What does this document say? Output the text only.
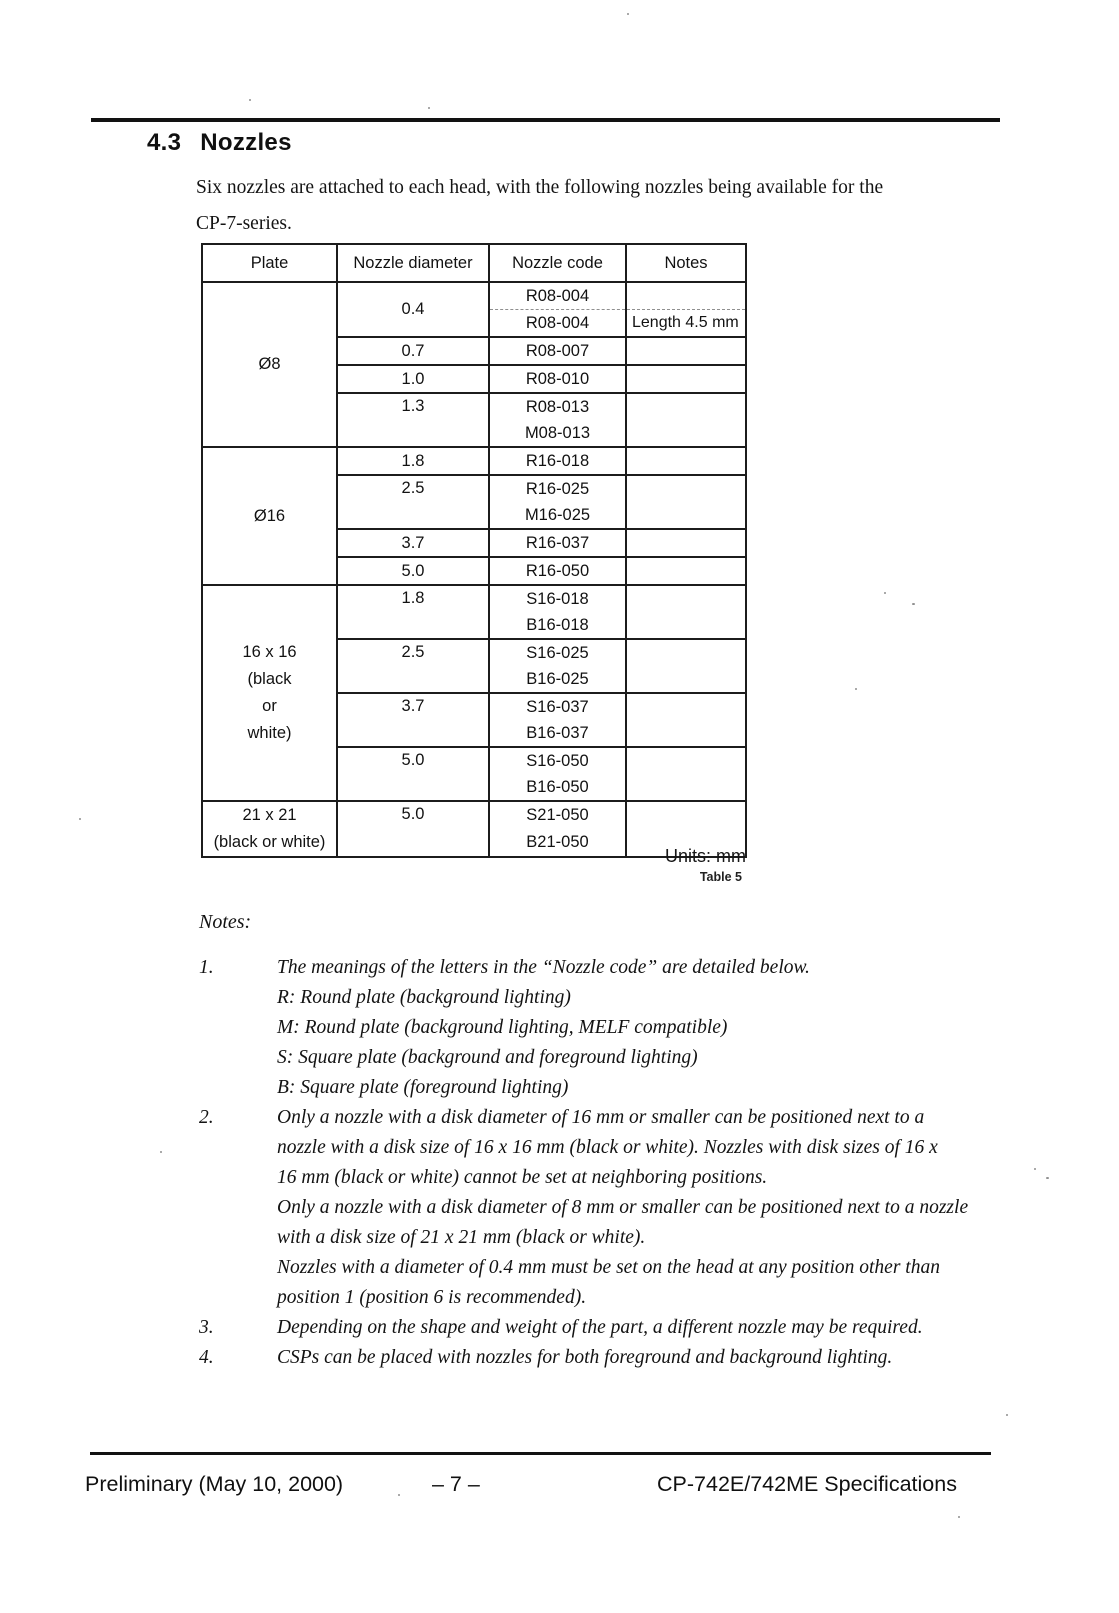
4.3 Nozzles
Six nozzles are attached to each head, with the following nozzles being available for the
CP-7-series.
Plate	Nozzle diameter	Nozzle code	Notes

Ø8	0.4	R08-004	
		R08-004	Length 4.5 mm
	0.7	R08-007	
	1.0	R08-010	
	1.3	R08-013	
		M08-013	

Ø16	1.8	R16-018	
	2.5	R16-025	
		M16-025	
	3.7	R16-037	
	5.0	R16-050	

16 x 16
(black
or
white)	1.8	S16-018	
		B16-018	
	2.5	S16-025	
		B16-025	
	3.7	S16-037	
		B16-037	
	5.0	S16-050	
		B16-050	

21 x 21
(black or white)	5.0	S21-050	
		B21-050	
Units: mm
Table 5
Notes:
1.	The meanings of the letters in the “Nozzle code” are detailed below.
R: Round plate (background lighting)
M: Round plate (background lighting, MELF compatible)
S: Square plate (background and foreground lighting)
B: Square plate (foreground lighting)
2.	Only a nozzle with a disk diameter of 16 mm or smaller can be positioned next to a
nozzle with a disk size of 16 x 16 mm (black or white). Nozzles with disk sizes of 16 x
16 mm (black or white) cannot be set at neighboring positions.
Only a nozzle with a disk diameter of 8 mm or smaller can be positioned next to a nozzle
with a disk size of 21 x 21 mm (black or white).
Nozzles with a diameter of 0.4 mm must be set on the head at any position other than
position 1 (position 6 is recommended).
3.	Depending on the shape and weight of the part, a different nozzle may be required.
4.	CSPs can be placed with nozzles for both foreground and background lighting.
Preliminary (May 10, 2000)	– 7 –	CP-742E/742ME Specifications
